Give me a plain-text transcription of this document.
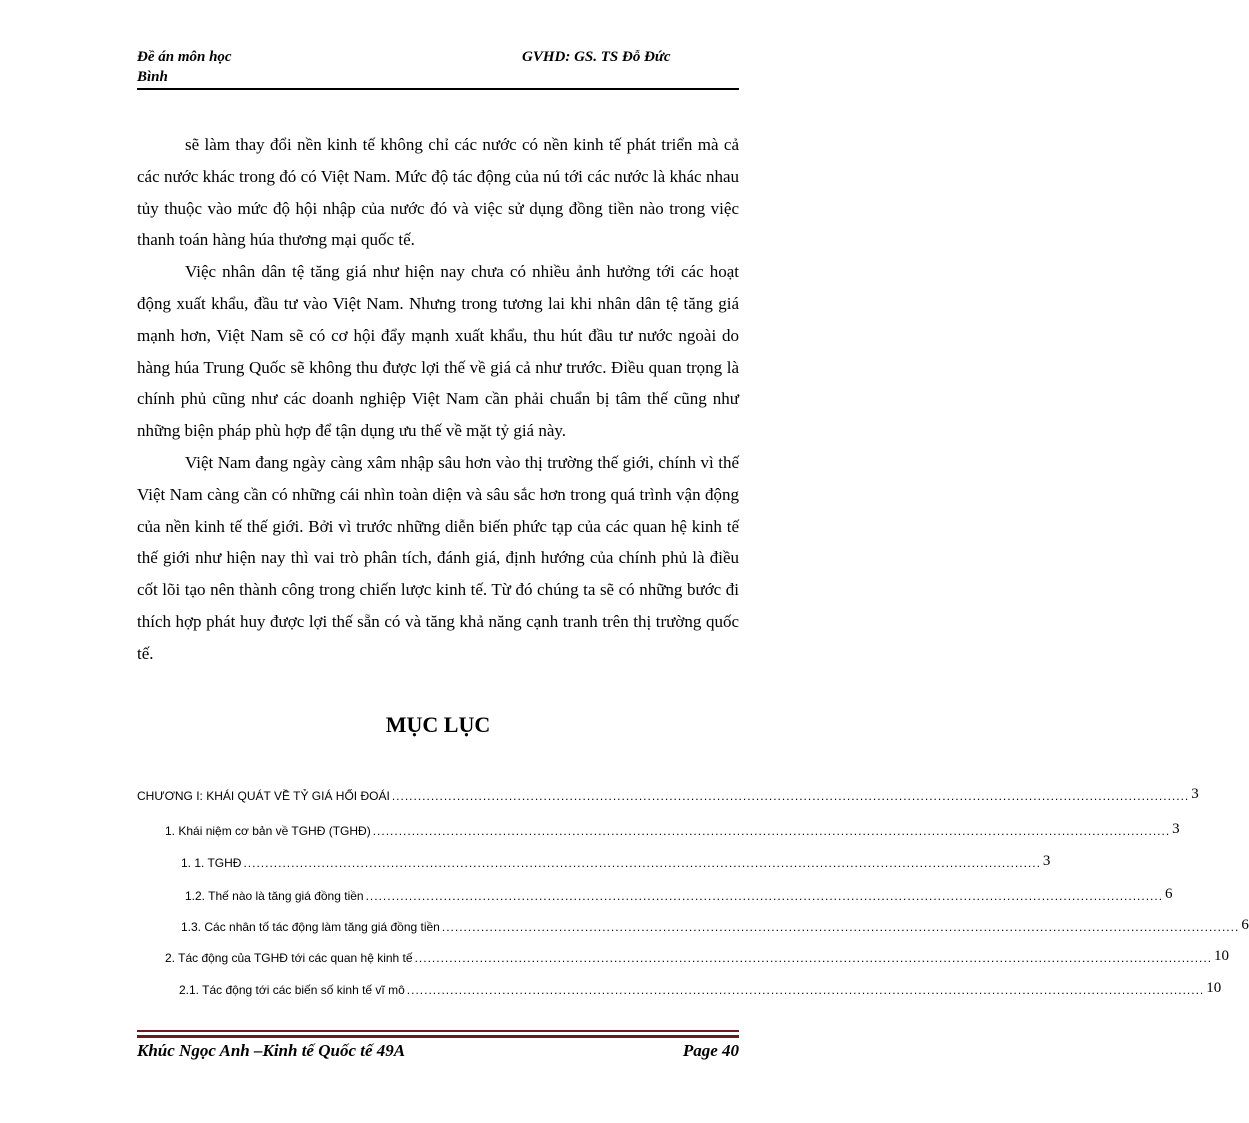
Đề án môn học
Bình
GVHD: GS. TS Đỗ Đức

sẽ làm thay đổi nền kinh tế không chỉ các nước có nền kinh tế phát triển mà cả các nước khác trong đó có Việt Nam. Mức độ tác động của nú tới các nước là khác nhau tủy thuộc vào mức độ hội nhập của nước đó và việc sử dụng đồng tiền nào trong việc thanh toán hàng húa thương mại quốc tế.

Việc nhân dân tệ tăng giá như hiện nay chưa có nhiều ảnh hưởng tới các hoạt động xuất khẩu, đầu tư vào Việt Nam. Nhưng trong tương lai khi nhân dân tệ tăng giá mạnh hơn, Việt Nam sẽ có cơ hội đẩy mạnh xuất khẩu, thu hút đầu tư nước ngoài do hàng húa Trung Quốc sẽ không thu được lợi thế về giá cả như trước. Điều quan trọng là chính phủ cũng như các doanh nghiệp Việt Nam cần phải chuẩn bị tâm thế cũng như những biện pháp phù hợp để tận dụng ưu thế về mặt tỷ giá này.

Việt Nam đang ngày càng xâm nhập sâu hơn vào thị trường thế giới, chính vì thế Việt Nam càng cần có những cái nhìn toàn diện và sâu sắc hơn trong quá trình vận động của nền kinh tế thế giới. Bởi vì trước những diễn biến phức tạp của các quan hệ kinh tế thế giới như hiện nay thì vai trò phân tích, đánh giá, định hướng của chính phủ là điều cốt lõi tạo nên thành công trong chiến lược kinh tế. Từ đó chúng ta sẽ có những bước đi thích hợp phát huy được lợi thế sẵn có và tăng khả năng cạnh tranh trên thị trường quốc tế.

MỤC LỤC
CHƯƠNG I: KHÁI QUÁT VỀ TỶ GIÁ HỐI ĐOÁI ........................................................................................................................................................................................ 3
1. Khái niệm cơ bản về TGHĐ (TGHĐ) ........................................................................................................................................................................................ 3
1. 1. TGHĐ ........................................................................................................................................................................................ 3
1.2. Thế nào là tăng giá đồng tiền ........................................................................................................................................................................................ 6
1.3. Các nhân tố tác động làm tăng giá đồng tiền ........................................................................................................................................................................................ 6
2. Tác động của TGHĐ tới các quan hệ kinh tế ........................................................................................................................................................................................ 10
2.1. Tác động tới các biến số kinh tế vĩ mô ........................................................................................................................................................................................ 10
Khúc Ngọc Anh –Kinh tế Quốc tế 49A	Page 40
